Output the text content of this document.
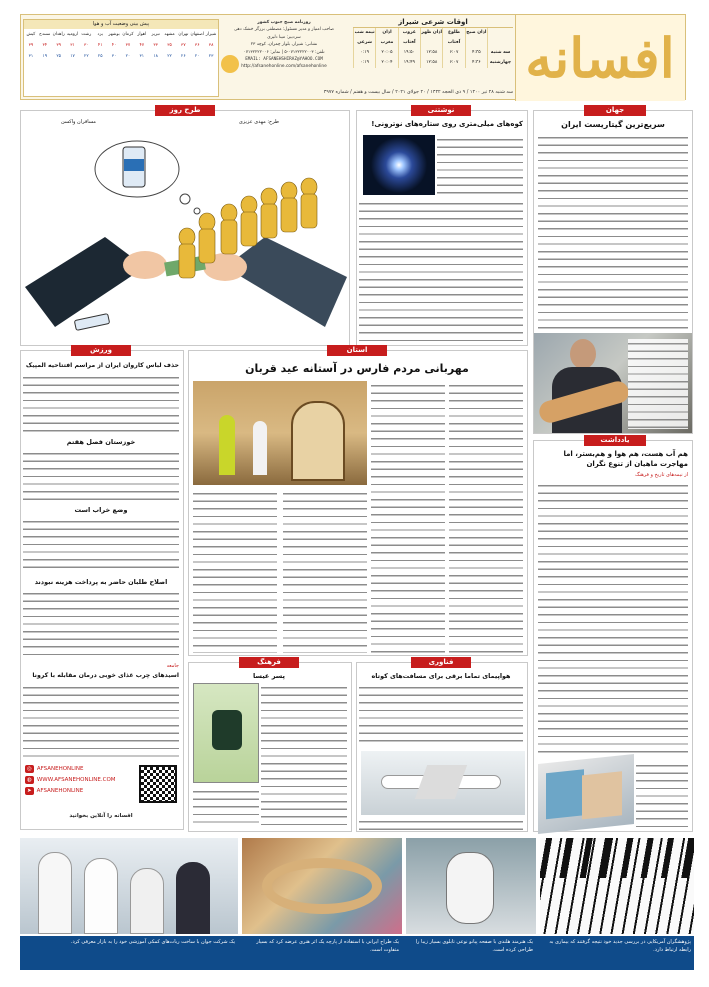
افسانه
اوقات شرعی شیراز
اذان صبح
طلوع آفتاب
اذان ظهر
غروب آفتاب
اذان مغرب
نیمه شب شرعی
سه شنبه
۴:۳۵
۶:۰۷
۱۲:۵۸
۱۹:۵۰
۲۰:۰۵
۰:۱۹
چهارشنبه
۴:۳۶
۶:۰۷
۱۲:۵۸
۱۹:۴۹
۲۰:۰۴
۰:۱۹
روزنامه صبح جنوب کشور
صاحب امتیاز و مدیر مسئول: مصطفی برزگر خشک دهی
سردبیر: مینا دلیری
نشانی: شیراز، بلوار چمران، کوچه ۲۳
تلفن: ۰۷۱۳۲۲۲۲۰۰۳-۵ | نمابر: ۰۷۱۳۲۲۲۲۰۰۶
EMAIL: AFSANEHSHIRAZ@YAHOO.COM
http://afsanehonline.com/afsanehonline
پیش بینی وضعیت آب و هوا
شیراز
اصفهان
تهران
مشهد
تبریز
اهواز
کرمان
بوشهر
یزد
رشت
ارومیه
زاهدان
سنندج
کیش
۳۸
۳۶
۳۷
۳۵
۳۳
۴۷
۳۷
۴۰
۴۱
۳۰
۳۱
۳۹
۳۴
۳۹
۲۳
۲۰
۲۶
۲۲
۱۸
۳۱
۲۰
۳۰
۲۵
۲۲
۱۷
۲۵
۱۹
۳۱
سه شنبه ۲۸ تیر ۱۴۰۰ / ۹ ذی الحجه ۱۴۴۲ / ۲۰ جولای ۲۰۲۱ / سال بیست و هفتم / شماره ۴۹۷۷
جهان
سریع‌ترین گیتاریست ایران
یادداشت
هم آب هست، هم هوا و هم‌بستر، اما مهاجرت ماهیان از تنوع نگران
از نیمه‌های تاریخ و فرهنگ
نوشتنی
کوه‌های میلی‌متری روی ستاره‌های نوترونی!
طرح روز
طرح: مهدی عزیزی
مسافران واکسن
استان
مهربانی مردم فارس در آستانه عید قربان
ورزش
حذف لباس کاروان ایران از مراسم افتتاحیه المپیک
خوزستان فصل هفتم
وضع خراب است
اصلاح طلبان حاضر به پرداخت هزینه نبودند
جامعه
اسیدهای چرب غذای خوبی درمان مقابله با کرونا
◎ AFSANEHONLINE
◍ WWW.AFSANEHONLINE.COM
➤ AFSANEHONLINE
افسانه را آنلاین بخوانید
فناوری
هواپیمای تماما برقی برای مسافت‌های کوتاه
فرهنگ
پسر عیسا
پژوهشگران آمریکایی در بررسی جدید خود نتیجه گرفتند که بیماری به رابطه ارتباط دارد.
یک هنرمند هلندی با صفحه پیانو نوعی تابلوی بسیار زیبا را طراحی کرده است.
یک طراح ایرانی با استفاده از پارچه یک اثر هنری عرضه کرد که بسیار متفاوت است.
یک شرکت جوان با ساخت ربات‌های کمکی آموزشی خود را به بازار معرفی کرد.
